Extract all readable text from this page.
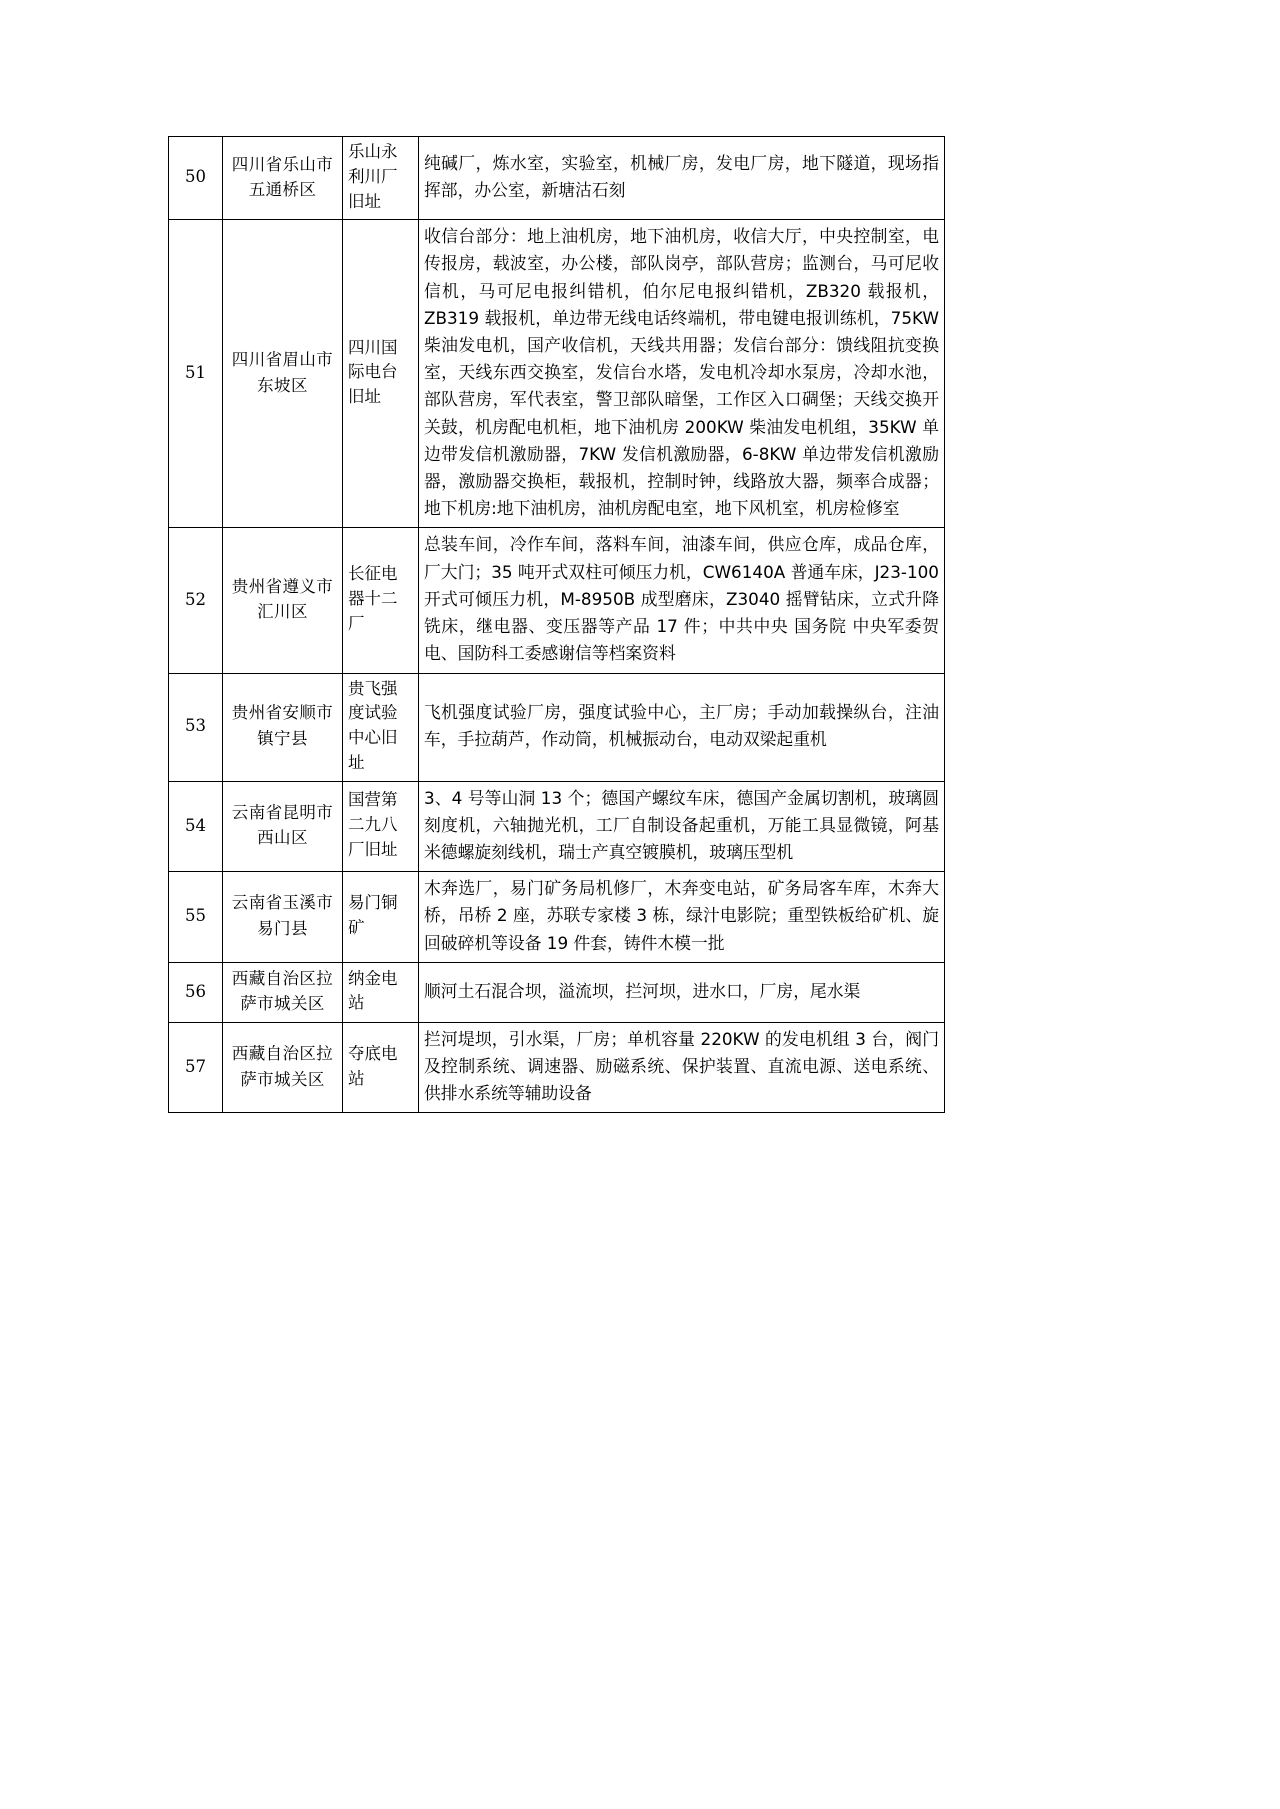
50	四川省乐山市五通桥区	乐山永利川厂旧址	纯碱厂，炼水室，实验室，机械厂房，发电厂房，地下隧道，现场指挥部，办公室，新塘沽石刻
51	四川省眉山市东坡区	四川国际电台旧址	收信台部分：地上油机房，地下油机房，收信大厅，中央控制室，电传报房，载波室，办公楼，部队岗亭，部队营房；监测台，马可尼收信机，马可尼电报纠错机，伯尔尼电报纠错机，ZB320 载报机，ZB319 载报机，单边带无线电话终端机，带电键电报训练机，75KW 柴油发电机，国产收信机，天线共用器；发信台部分：馈线阻抗变换室，天线东西交换室，发信台水塔，发电机冷却水泵房，冷却水池，部队营房，军代表室，警卫部队暗堡，工作区入口碉堡；天线交换开关鼓，机房配电机柜，地下油机房 200KW 柴油发电机组，35KW 单边带发信机激励器，7KW 发信机激励器，6-8KW 单边带发信机激励器，激励器交换柜，载报机，控制时钟，线路放大器，频率合成器；地下机房:地下油机房，油机房配电室，地下风机室，机房检修室
52	贵州省遵义市汇川区	长征电器十二厂	总装车间，冷作车间，落料车间，油漆车间，供应仓库，成品仓库，厂大门；35 吨开式双柱可倾压力机，CW6140A 普通车床，J23-100 开式可倾压力机，M-8950B 成型磨床，Z3040 摇臂钻床，立式升降铣床，继电器、变压器等产品 17 件；中共中央 国务院 中央军委贺电、国防科工委感谢信等档案资料
53	贵州省安顺市镇宁县	贵飞强度试验中心旧址	飞机强度试验厂房，强度试验中心，主厂房；手动加载操纵台，注油车，手拉葫芦，作动筒，机械振动台，电动双梁起重机
54	云南省昆明市西山区	国营第二九八厂旧址	3、4 号等山洞 13 个；德国产螺纹车床，德国产金属切割机，玻璃圆刻度机，六轴抛光机，工厂自制设备起重机，万能工具显微镜，阿基米德螺旋刻线机，瑞士产真空镀膜机，玻璃压型机
55	云南省玉溪市易门县	易门铜矿	木奔选厂，易门矿务局机修厂，木奔变电站，矿务局客车库，木奔大桥，吊桥 2 座，苏联专家楼 3 栋，绿汁电影院；重型铁板给矿机、旋回破碎机等设备 19 件套，铸件木模一批
56	西藏自治区拉萨市城关区	纳金电站	顺河土石混合坝，溢流坝，拦河坝，进水口，厂房，尾水渠
57	西藏自治区拉萨市城关区	夺底电站	拦河堤坝，引水渠，厂房；单机容量 220KW 的发电机组 3 台，阀门及控制系统、调速器、励磁系统、保护装置、直流电源、送电系统、供排水系统等辅助设备
